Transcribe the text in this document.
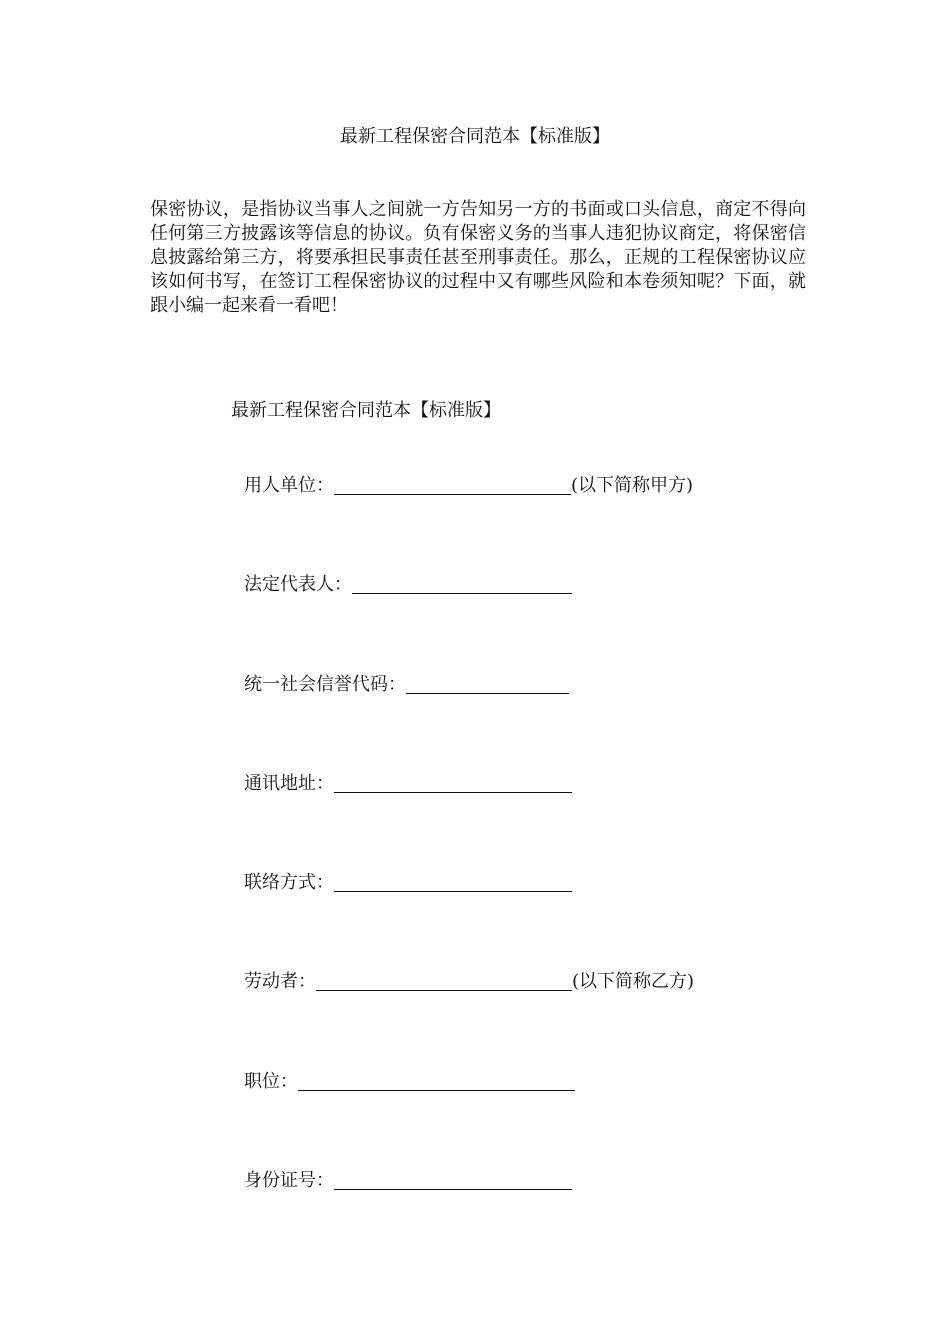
最新工程保密合同范本【标准版】
保密协议，是指协议当事人之间就一方告知另一方的书面或口头信息，商定不得向任何第三方披露该等信息的协议。负有保密义务的当事人违犯协议商定，将保密信息披露给第三方，将要承担民事责任甚至刑事责任。那么，正规的工程保密协议应该如何书写，在签订工程保密协议的过程中又有哪些风险和本卷须知呢？下面，就跟小编一起来看一看吧！
最新工程保密合同范本【标准版】
用人单位：	(以下简称甲方)
法定代表人：
统一社会信誉代码：
通讯地址：
联络方式：
劳动者：	(以下简称乙方)
职位：
身份证号：
